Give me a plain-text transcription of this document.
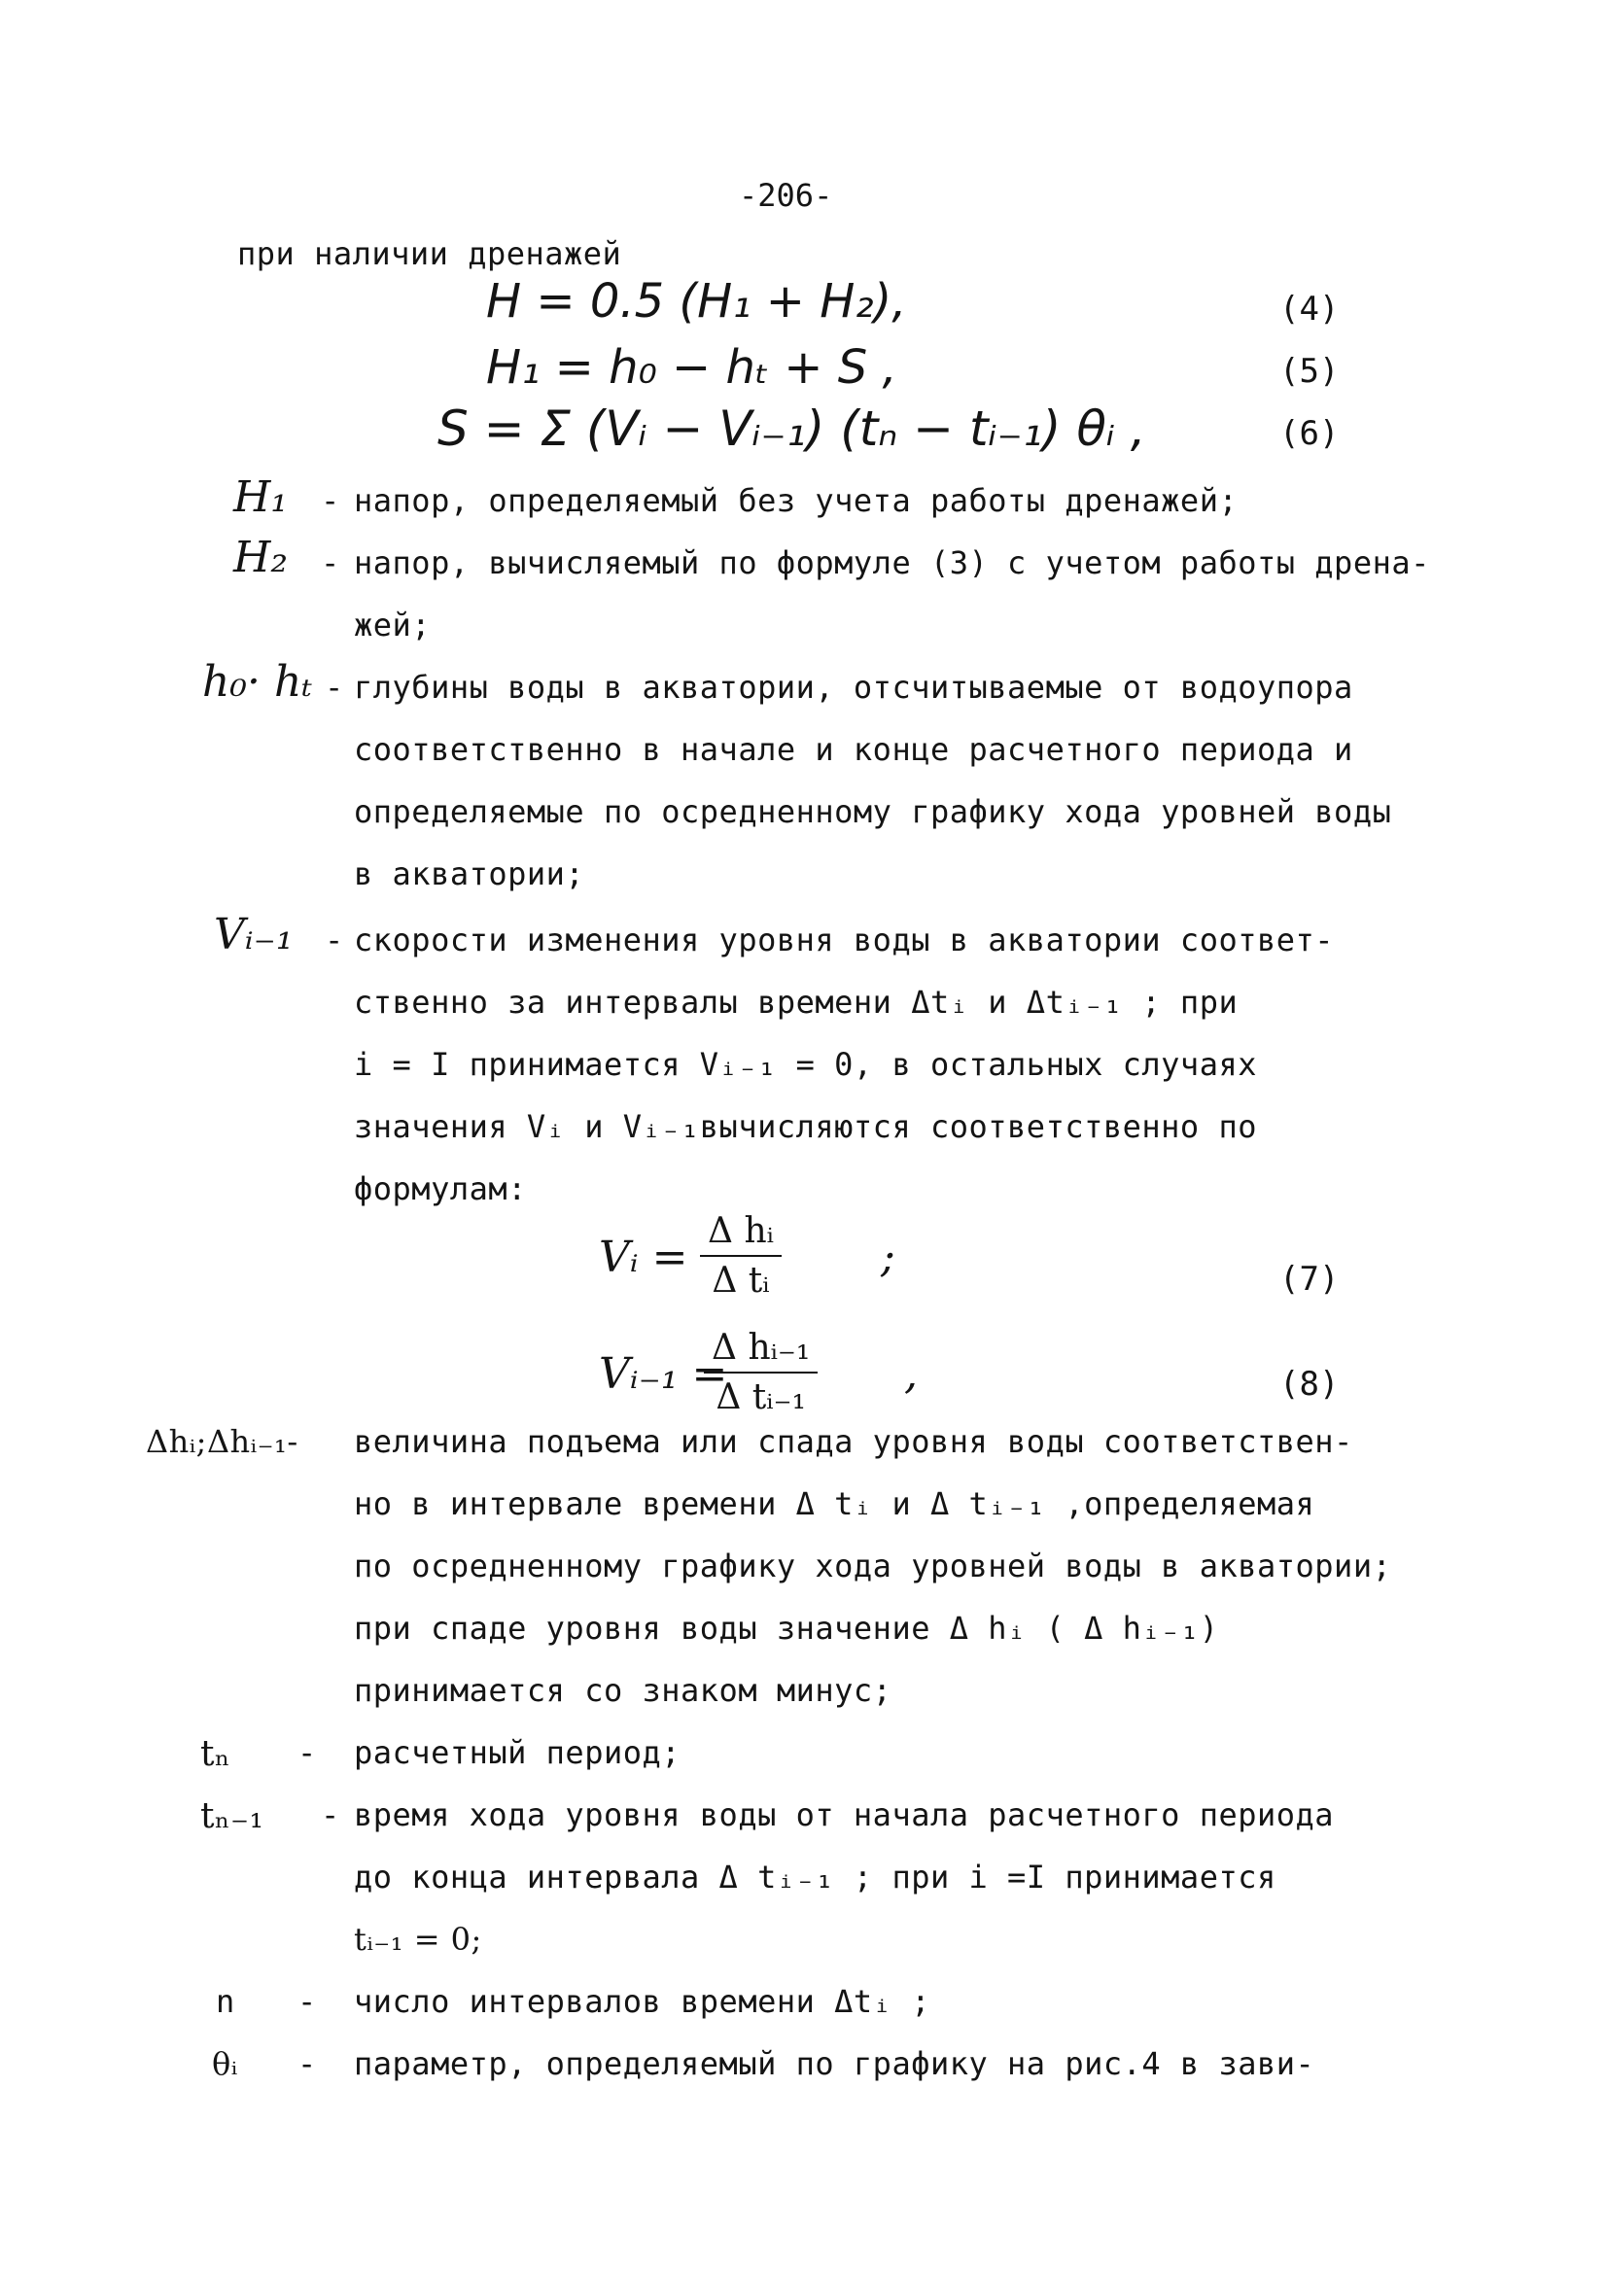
-206-
при наличии дренажей
H = 0.5 (H₁ + H₂),	(4)
H₁ = h₀ − hₜ + S ,	(5)
S = Σ (Vᵢ − Vᵢ₋₁) (tₙ − tᵢ₋₁) θᵢ ,	(6)
H₁ - напор, определяемый без учета работы дренажей;
H₂ - напор, вычисляемый по формуле (3) с учетом работы дрена-
жей;
h₀· hₜ - глубины воды в акватории, отсчитываемые от водоупора
соответственно в начале и конце расчетного периода и
определяемые по осредненному графику хода уровней воды
в акватории;
Vᵢ₋₁ - скорости изменения уровня воды в акватории соответ-
ственно за интервалы времени Δtᵢ и Δtᵢ₋₁ ; при
i = I принимается Vᵢ₋₁ = 0, в остальных случаях
значения Vᵢ и Vᵢ₋₁вычисляются соответственно по
формулам:
Vᵢ = $\frac{\text{Δ hᵢ}}{\text{Δ tᵢ}}$ ;	(7)
Vᵢ₋₁ =
$\frac{\text{Δ hᵢ₋₁}}{\text{Δ tᵢ₋₁}}$ ,	(8)
Δhᵢ;Δhᵢ₋₁- величина подъема или спада уровня воды соответствен-
но в интервале времени Δ tᵢ и Δ tᵢ₋₁ ,определяемая
по осредненному графику хода уровней воды в акватории;
при спаде уровня воды значение Δ hᵢ ( Δ hᵢ₋₁)
принимается со знаком минус;
tₙ - расчетный период;
tₙ₋₁ - время хода уровня воды от начала расчетного периода
до конца интервала Δ tᵢ₋₁ ; при i =I принимается
tᵢ₋₁ = 0;
n - число интервалов времени Δtᵢ ;
θᵢ - параметр, определяемый по графику на рис.4 в зави-
